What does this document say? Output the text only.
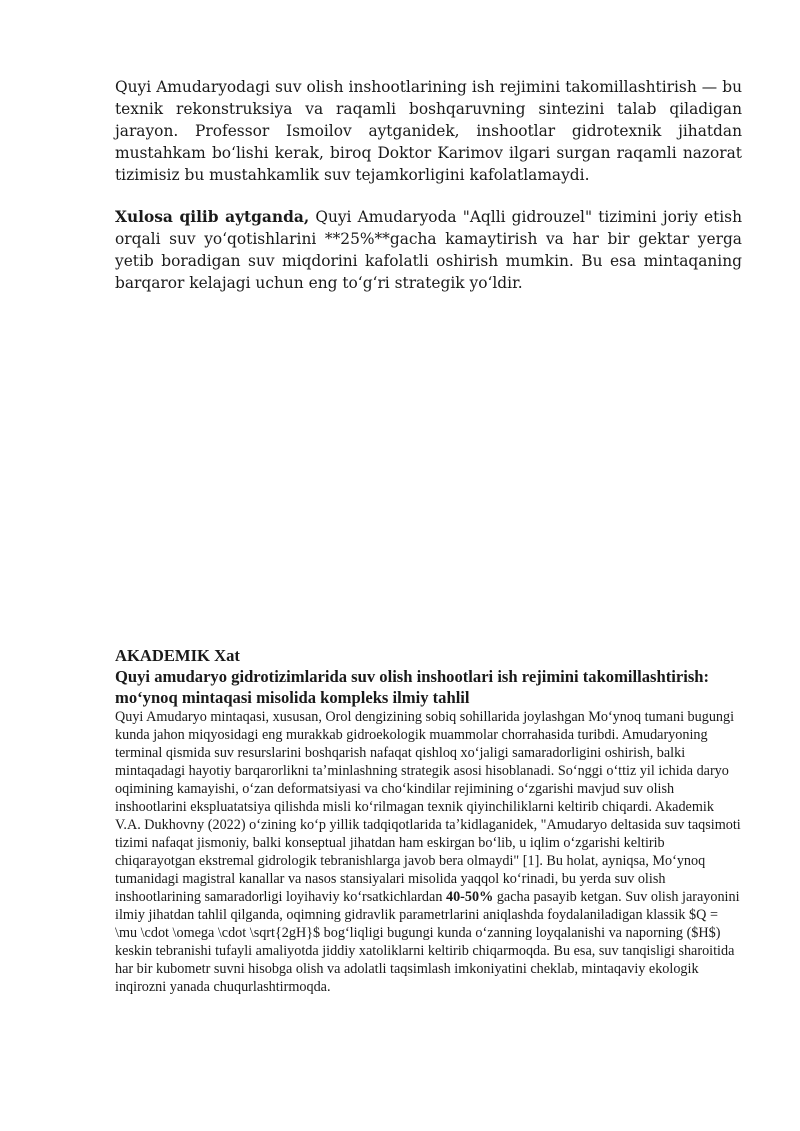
Quyi Amudaryodagi suv olish inshootlarining ish rejimini takomillashtirish — bu texnik rekonstruksiya va raqamli boshqaruvning sintezini talab qiladigan jarayon. Professor Ismoilov aytganidek, inshootlar gidrotexnik jihatdan mustahkam boʻlishi kerak, biroq Doktor Karimov ilgari surgan raqamli nazorat tizimisiz bu mustahkamlik suv tejamkorligini kafolatlamaydi.

Xulosa qilib aytganda, Quyi Amudaryoda "Aqlli gidrouzel" tizimini joriy etish orqali suv yoʻqotishlarini **25%**gacha kamaytirish va har bir gektar yerga yetib boradigan suv miqdorini kafolatli oshirish mumkin. Bu esa mintaqaning barqaror kelajagi uchun eng toʻgʻri strategik yoʻldir.

AKADEMIK Xat

Quyi amudaryo gidrotizimlarida suv olish inshootlari ish rejimini takomillashtirish: moʻynoq mintaqasi misolida kompleks ilmiy tahlil

Quyi Amudaryo mintaqasi, xususan, Orol dengizining sobiq sohillarida joylashgan Moʻynoq tumani bugungi kunda jahon miqyosidagi eng murakkab gidroekologik muammolar chorrahasida turibdi. Amudaryoning terminal qismida suv resurslarini boshqarish nafaqat qishloq xoʻjaligi samaradorligini oshirish, balki mintaqadagi hayotiy barqarorlikni taʼminlashning strategik asosi hisoblanadi. Soʻnggi oʻttiz yil ichida daryo oqimining kamayishi, oʻzan deformatsiyasi va choʻkindilar rejimining oʻzgarishi mavjud suv olish inshootlarini ekspluatatsiya qilishda misli koʻrilmagan texnik qiyinchiliklarni keltirib chiqardi. Akademik V.A. Dukhovny (2022) oʻzining koʻp yillik tadqiqotlarida taʼkidlaganidek, "Amudaryo deltasida suv taqsimoti tizimi nafaqat jismoniy, balki konseptual jihatdan ham eskirgan boʻlib, u iqlim oʻzgarishi keltirib chiqarayotgan ekstremal gidrologik tebranishlarga javob bera olmaydi" [1]. Bu holat, ayniqsa, Moʻynoq tumanidagi magistral kanallar va nasos stansiyalari misolida yaqqol koʻrinadi, bu yerda suv olish inshootlarining samaradorligi loyihaviy koʻrsatkichlardan 40-50% gacha pasayib ketgan. Suv olish jarayonini ilmiy jihatdan tahlil qilganda, oqimning gidravlik parametrlarini aniqlashda foydalaniladigan klassik $Q = \mu \cdot \omega \cdot \sqrt{2gH}$ bogʻliqligi bugungi kunda oʻzanning loyqalanishi va naporning ($H$) keskin tebranishi tufayli amaliyotda jiddiy xatoliklarni keltirib chiqarmoqda. Bu esa, suv tanqisligi sharoitida har bir kubometr suvni hisobga olish va adolatli taqsimlash imkoniyatini cheklab, mintaqaviy ekologik inqirozni yanada chuqurlashtirmoqda.
